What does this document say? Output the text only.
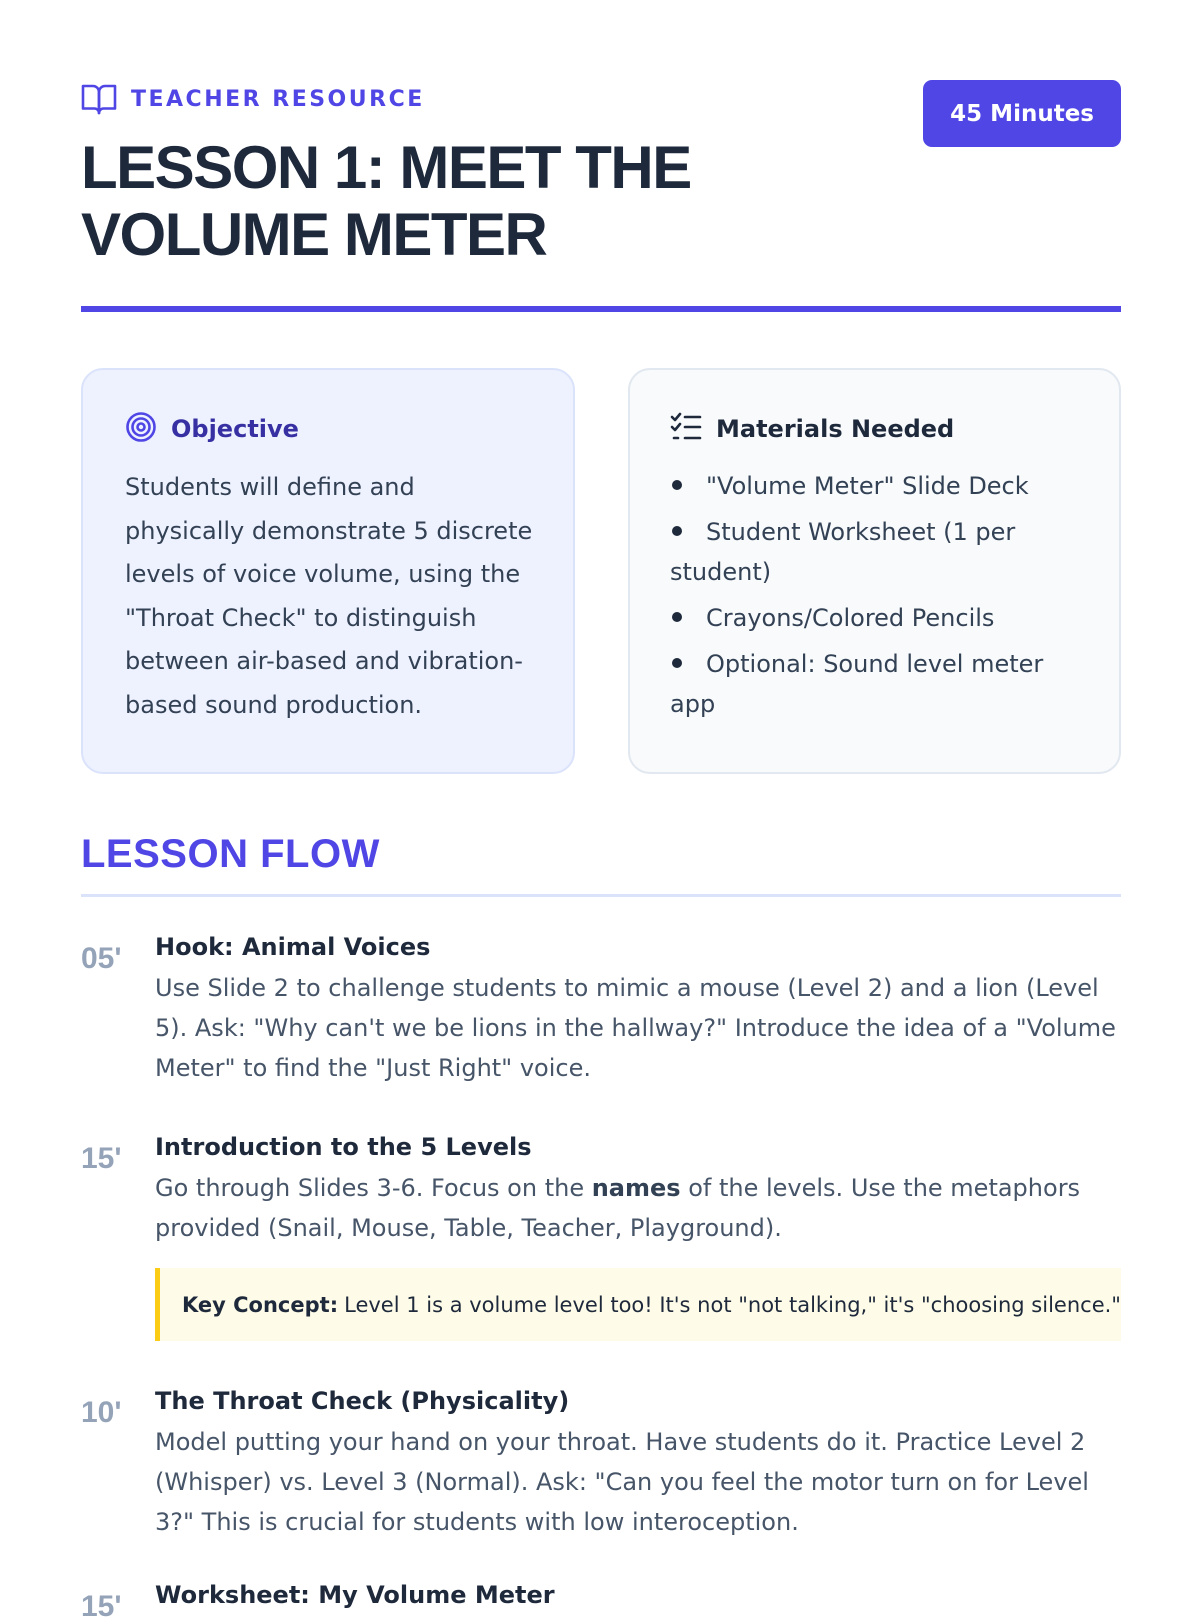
TEACHER RESOURCE
LESSON 1: MEET THE VOLUME METER
45 Minutes
Objective

Students will define and physically demonstrate 5 discrete levels of voice volume, using the "Throat Check" to distinguish between air-based and vibration-based sound production.

Materials Needed
"Volume Meter" Slide Deck
Student Worksheet (1 per student)
Crayons/Colored Pencils
Optional: Sound level meter app
LESSON FLOW
05' Hook: Animal Voices

Use Slide 2 to challenge students to mimic a mouse (Level 2) and a lion (Level 5). Ask: "Why can't we be lions in the hallway?" Introduce the idea of a "Volume Meter" to find the "Just Right" voice.

15' Introduction to the 5 Levels

Go through Slides 3-6. Focus on the names of the levels. Use the metaphors provided (Snail, Mouse, Table, Teacher, Playground).

Key Concept: Level 1 is a volume level too! It's not "not talking," it's "choosing silence."
10' The Throat Check (Physicality)

Model putting your hand on your throat. Have students do it. Practice Level 2 (Whisper) vs. Level 3 (Normal). Ask: "Can you feel the motor turn on for Level 3?" This is crucial for students with low interoception.

15' Worksheet: My Volume Meter
